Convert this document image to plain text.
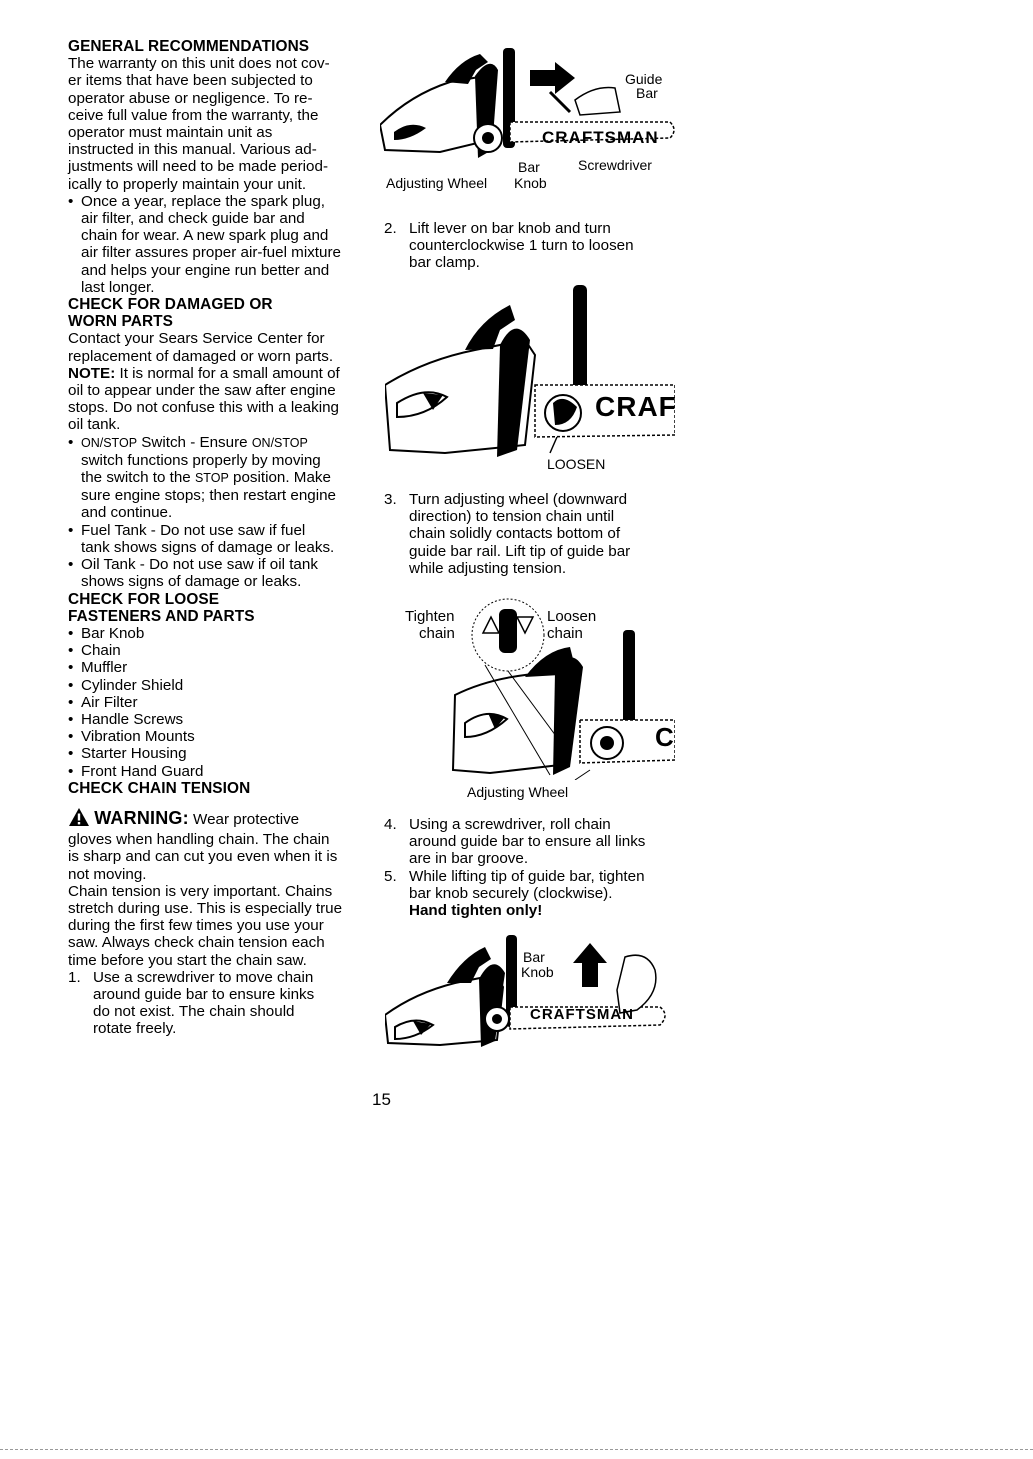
GENERAL RECOMMENDATIONS

The warranty on this unit does not cov-

er items that have been subjected to

operator abuse or negligence. To re-

ceive full value from the warranty, the

operator must maintain unit as

instructed in this manual. Various ad-

justments will need to be made period-

ically to properly maintain your unit.

• Once a year, replace the spark plug,
air filter, and check guide bar and
chain for wear. A new spark plug and
air filter assures proper air-fuel mixture
and helps your engine run better and
last longer.
CHECK FOR DAMAGED OR
WORN PARTS

Contact your Sears Service Center for

replacement of damaged or worn parts.

NOTE: It is normal for a small amount of

oil to appear under the saw after engine

stops. Do not confuse this with a leaking

oil tank.

• ON/STOP Switch - Ensure ON/STOP
switch functions properly by moving
the switch to the STOP position. Make
sure engine stops; then restart engine
and continue.
• Fuel Tank - Do not use saw if fuel
tank shows signs of damage or leaks.
• Oil Tank - Do not use saw if oil tank
shows signs of damage or leaks.
CHECK FOR LOOSE
FASTENERS AND PARTS
• Bar Knob
• Chain
• Muffler
• Cylinder Shield
• Air Filter
• Handle Screws
• Vibration Mounts
• Starter Housing
• Front Hand Guard
CHECK CHAIN TENSION

WARNING: Wear protective

gloves when handling chain. The chain

is sharp and can cut you even when it is

not moving.

Chain tension is very important. Chains

stretch during use. This is especially true

during the first few times you use your

saw. Always check chain tension each

time before you start the chain saw.

1. Use a screwdriver to move chain
around guide bar to ensure kinks
do not exist. The chain should
rotate freely.
CRAFTSMAN
Guide
Bar
Bar	Screwdriver
Adjusting Wheel Knob
2. Lift lever on bar knob and turn
counterclockwise 1 turn to loosen
bar clamp.
CRAF
LOOSEN
3. Turn adjusting wheel (downward
direction) to tension chain until
chain solidly contacts bottom of
guide bar rail. Lift tip of guide bar
while adjusting tension.
C
Tighten
chain
Loosen
chain
Adjusting Wheel
4. Using a screwdriver, roll chain
around guide bar to ensure all links
are in bar groove.
5. While lifting tip of guide bar, tighten
bar knob securely (clockwise).
Hand tighten only!
CRAFTSMAN
Bar
Knob
15
